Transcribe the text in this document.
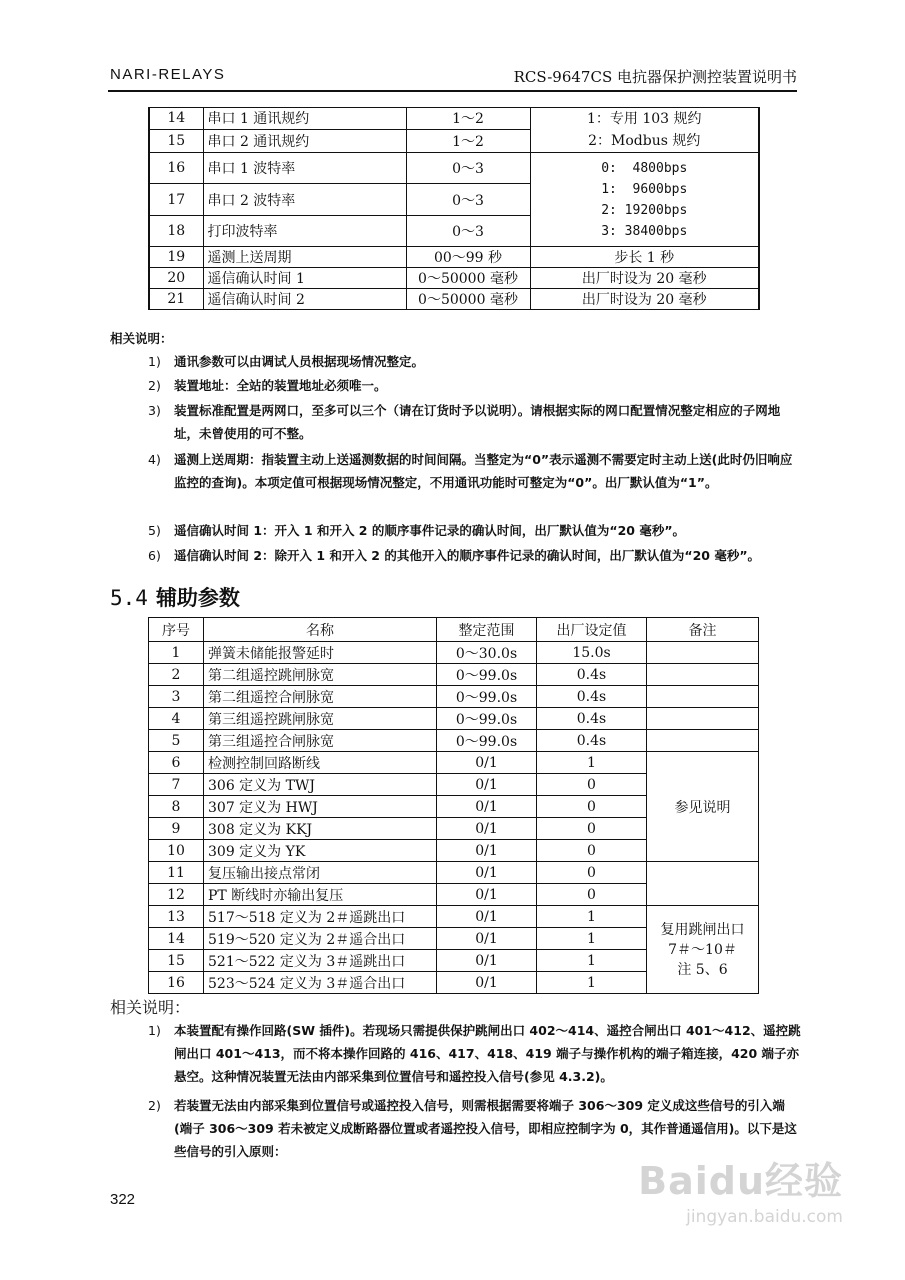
NARI-RELAYS	RCS-9647CS 电抗器保护测控装置说明书
14	串口 1 通讯规约	1～2	1：专用 103 规约
2：Modbus 规约

15	串口 2 通讯规约	1～2	
16	串口 1 波特率	0～3	0:  4800bps
1:  9600bps
2: 19200bps
3: 38400bps

17	串口 2 波特率	0～3	
18	打印波特率	0～3	
19	遥测上送周期	00～99 秒	步长 1 秒
20	遥信确认时间 1	0～50000 毫秒	出厂时设为 20 毫秒
21	遥信确认时间 2	0～50000 毫秒	出厂时设为 20 毫秒
相关说明：
1)	通讯参数可以由调试人员根据现场情况整定。
2)	装置地址：全站的装置地址必须唯一。
3)	装置标准配置是两网口，至多可以三个（请在订货时予以说明）。请根据实际的网口配置情况整定相应的子网地址，未曾使用的可不整。
4)	遥测上送周期：指装置主动上送遥测数据的时间间隔。当整定为“0”表示遥测不需要定时主动上送(此时仍旧响应监控的查询)。本项定值可根据现场情况整定，不用通讯功能时可整定为“0”。出厂默认值为“1”。
5)	遥信确认时间 1：开入 1 和开入 2 的顺序事件记录的确认时间，出厂默认值为“20 毫秒”。
6)	遥信确认时间 2：除开入 1 和开入 2 的其他开入的顺序事件记录的确认时间，出厂默认值为“20 毫秒”。
5.4 辅助参数
序号	名称	整定范围	出厂设定值	备注
1	弹簧未储能报警延时	0～30.0s	15.0s	
2	第二组遥控跳闸脉宽	0～99.0s	0.4s	
3	第二组遥控合闸脉宽	0～99.0s	0.4s	
4	第三组遥控跳闸脉宽	0～99.0s	0.4s	
5	第三组遥控合闸脉宽	0～99.0s	0.4s	
6	检测控制回路断线	0/1	1	参见说明
7	306 定义为 TWJ	0/1	0	
8	307 定义为 HWJ	0/1	0	
9	308 定义为 KKJ	0/1	0	
10	309 定义为 YK	0/1	0	
11	复压输出接点常闭	0/1	0	
12	PT 断线时亦输出复压	0/1	0	
13	517～518 定义为 2＃遥跳出口	0/1	1	复用跳闸出口
7＃～10＃
注 5、6

14	519～520 定义为 2＃遥合出口	0/1	1	
15	521～522 定义为 3＃遥跳出口	0/1	1	
16	523～524 定义为 3＃遥合出口	0/1	1	
相关说明：
1)	本装置配有操作回路(SW 插件)。若现场只需提供保护跳闸出口 402～414、遥控合闸出口 401～412、遥控跳闸出口 401～413，而不将本操作回路的 416、417、418、419 端子与操作机构的端子箱连接，420 端子亦悬空。这种情况装置无法由内部采集到位置信号和遥控投入信号(参见 4.3.2)。
2)	若装置无法由内部采集到位置信号或遥控投入信号，则需根据需要将端子 306～309 定义成这些信号的引入端(端子 306～309 若未被定义成断路器位置或者遥控投入信号，即相应控制字为 0，其作普通遥信用)。以下是这些信号的引入原则：
322	Baidu经验
jingyan.baidu.com
